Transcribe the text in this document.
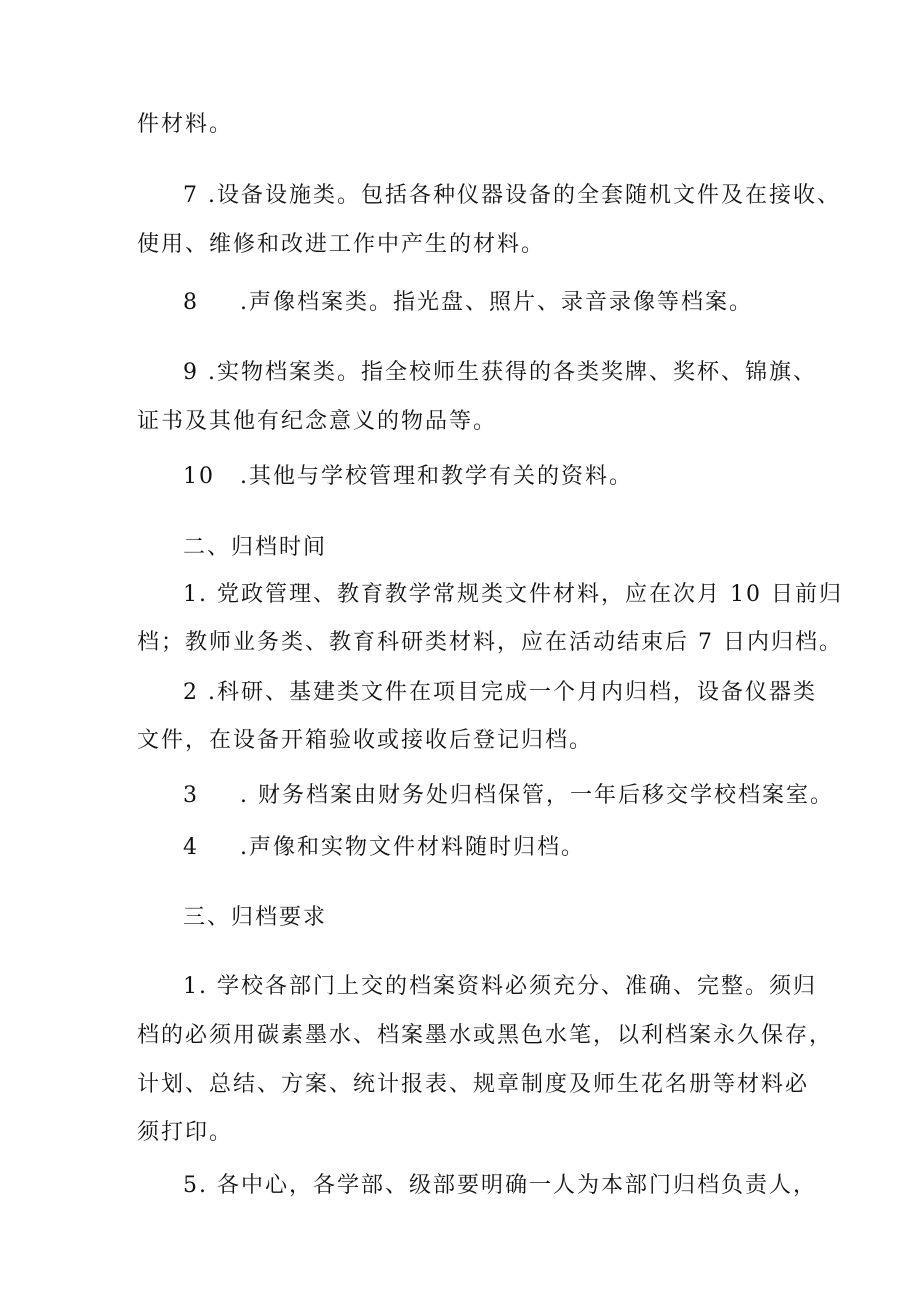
件材料。
7 .设备设施类。包括各种仪器设备的全套随机文件及在接收、
使用、维修和改进工作中产生的材料。
8 .声像档案类。指光盘、照片、录音录像等档案。
9 .实物档案类。指全校师生获得的各类奖牌、奖杯、锦旗、
证书及其他有纪念意义的物品等。
10 .其他与学校管理和教学有关的资料。
二、归档时间
1. 党政管理、教育教学常规类文件材料，应在次月 10 日前归
档；教师业务类、教育科研类材料，应在活动结束后 7 日内归档。
2 .科研、基建类文件在项目完成一个月内归档，设备仪器类
文件，在设备开箱验收或接收后登记归档。
3 . 财务档案由财务处归档保管，一年后移交学校档案室。
4 .声像和实物文件材料随时归档。
三、归档要求
1. 学校各部门上交的档案资料必须充分、准确、完整。须归
档的必须用碳素墨水、档案墨水或黑色水笔，以利档案永久保存，
计划、总结、方案、统计报表、规章制度及师生花名册等材料必
须打印。
5. 各中心，各学部、级部要明确一人为本部门归档负责人，
